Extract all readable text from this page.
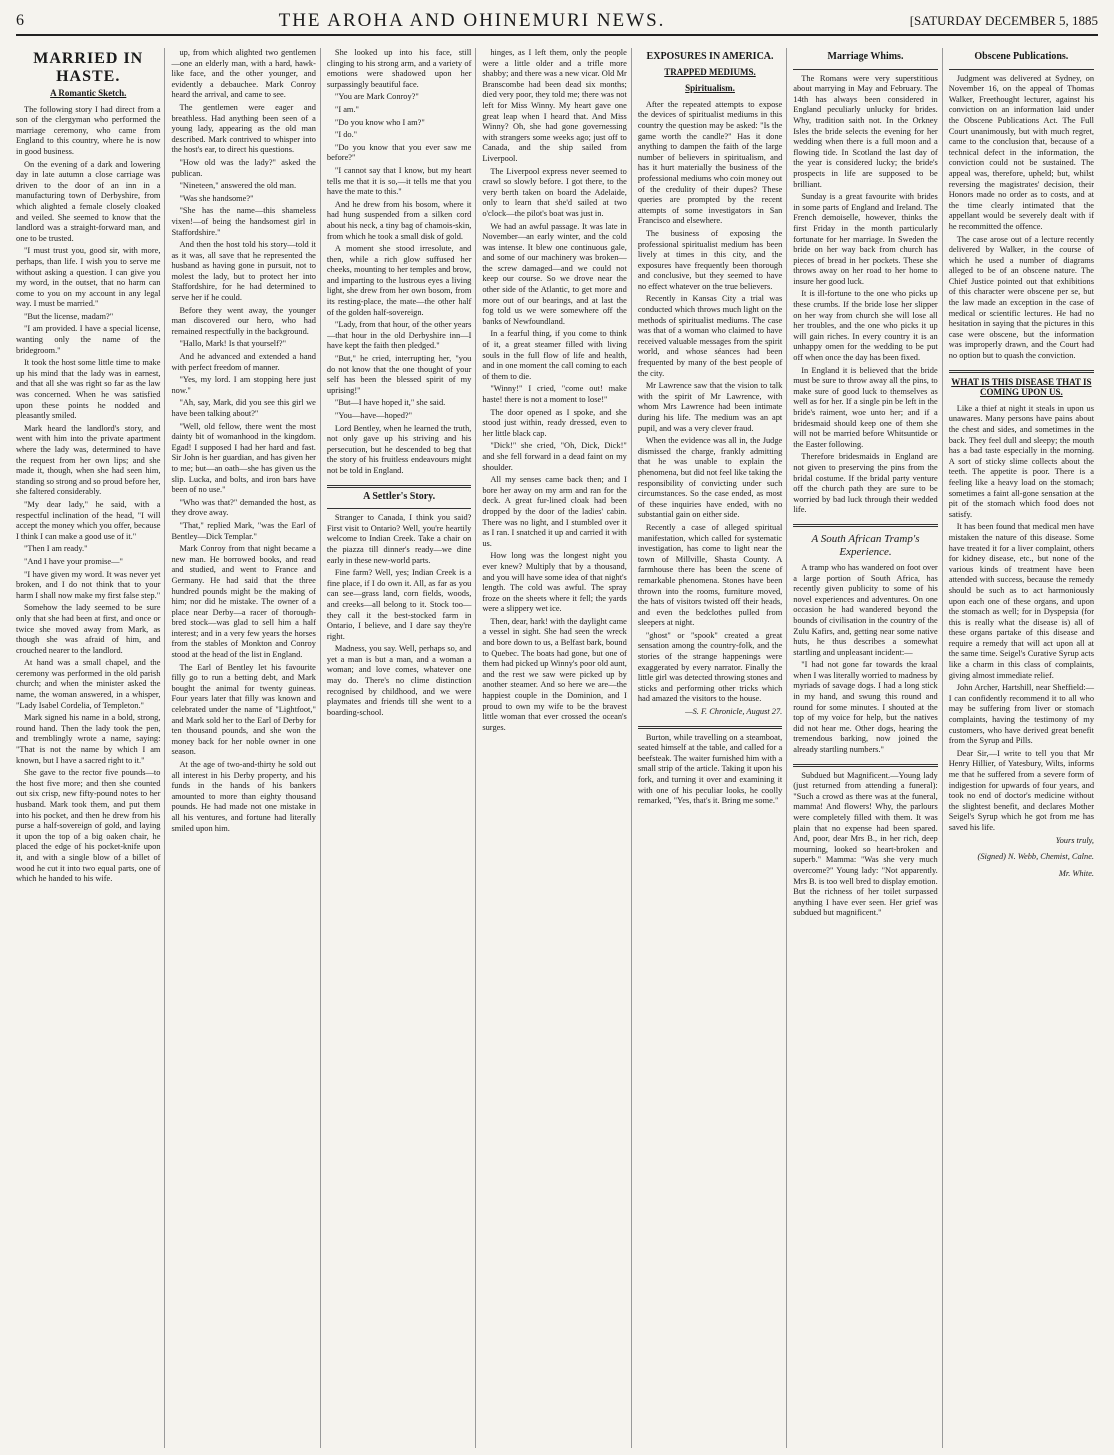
6	THE AROHA AND OHINEMURI NEWS.	[SATURDAY DECEMBER 5, 1885
MARRIED IN HASTE.
A Romantic Sketch.

The following story I had direct from a son of the clergyman who performed the marriage ceremony, who came from England to this country, where he is now in good business.

On the evening of a dark and lowering day in late autumn a close carriage was driven to the door of an inn in a manufacturing town of Derbyshire, from which alighted a female closely cloaked and veiled. She seemed to know that the landlord was a straight-forward man, and one to be trusted.

"I must trust you, good sir, with more, perhaps, than life. I wish you to serve me without asking a question. I can give you my word, in the outset, that no harm can come to you on my account in any legal way. I must be married."

"But the license, madam?"

"I am provided. I have a special license, wanting only the name of the bridegroom."

It took the host some little time to make up his mind that the lady was in earnest, and that all she was right so far as the law was concerned. When he was satisfied upon these points he nodded and pleasantly smiled.

Mark heard the landlord's story, and went with him into the private apartment where the lady was, determined to have the request from her own lips; and she made it, though, when she had seen him, standing so strong and so proud before her, she faltered considerably.

"My dear lady," he said, with a respectful inclination of the head, "I will accept the money which you offer, because I think I can make a good use of it."

"Then I am ready."

"And I have your promise—"

"I have given my word. It was never yet broken, and I do not think that to your harm I shall now make my first false step."

Somehow the lady seemed to be sure only that she had been at first, and once or twice she moved away from Mark, as though she was afraid of him, and crouched nearer to the landlord.

At hand was a small chapel, and the ceremony was performed in the old parish church; and when the minister asked the name, the woman answered, in a whisper, "Lady Isabel Cordelia, of Templeton."

Mark signed his name in a bold, strong, round hand. Then the lady took the pen, and tremblingly wrote a name, saying: "That is not the name by which I am known, but I have a sacred right to it."

She gave to the rector five pounds—to the host five more; and then she counted out six crisp, new fifty-pound notes to her husband. Mark took them, and put them into his pocket, and then he drew from his purse a half-sovereign of gold, and laying it upon the top of a big oaken chair, he placed the edge of his pocket-knife upon it, and with a single blow of a billet of wood he cut it into two equal parts, one of which he handed to his wife.

up, from which alighted two gentlemen—one an elderly man, with a hard, hawk-like face, and the other younger, and evidently a debauchee. Mark Conroy heard the arrival, and came to see.

The gentlemen were eager and breathless. Had anything been seen of a young lady, appearing as the old man described. Mark contrived to whisper into the host's ear, to direct his questions.

"How old was the lady?" asked the publican.

"Nineteen," answered the old man.

"Was she handsome?"

"She has the name—this shameless vixen!—of being the handsomest girl in Staffordshire."

And then the host told his story—told it as it was, all save that he represented the husband as having gone in pursuit, not to molest the lady, but to protect her into Staffordshire, for he had determined to serve her if he could.

Before they went away, the younger man discovered our hero, who had remained respectfully in the background.

"Hallo, Mark! Is that yourself?"

And he advanced and extended a hand with perfect freedom of manner.

"Yes, my lord. I am stopping here just now."

"Ah, say, Mark, did you see this girl we have been talking about?"

"Well, old fellow, there went the most dainty bit of womanhood in the kingdom. Egad! I supposed I had her hard and fast. Sir John is her guardian, and has given her to me; but—an oath—she has given us the slip. Lucka, and bolts, and iron bars have been of no use."

"Who was that?" demanded the host, as they drove away.

"That," replied Mark, "was the Earl of Bentley—Dick Templar."

Mark Conroy from that night became a new man. He borrowed books, and read and studied, and went to France and Germany. He had said that the three hundred pounds might be the making of him; nor did he mistake. The owner of a place near Derby—a racer of thorough-bred stock—was glad to sell him a half interest; and in a very few years the horses from the stables of Monkton and Conroy stood at the head of the list in England.

The Earl of Bentley let his favourite filly go to run a betting debt, and Mark bought the animal for twenty guineas. Four years later that filly was known and celebrated under the name of "Lightfoot," and Mark sold her to the Earl of Derby for ten thousand pounds, and she won the money back for her noble owner in one season.

At the age of two-and-thirty he sold out all interest in his Derby property, and his funds in the hands of his bankers amounted to more than eighty thousand pounds. He had made not one mistake in all his ventures, and fortune had literally smiled upon him.

She looked up into his face, still clinging to his strong arm, and a variety of emotions were shadowed upon her surpassingly beautiful face.

"You are Mark Conroy?"

"I am."

"Do you know who I am?"

"I do."

"Do you know that you ever saw me before?"

"I cannot say that I know, but my heart tells me that it is so,—it tells me that you have the mate to this."

And he drew from his bosom, where it had hung suspended from a silken cord about his neck, a tiny bag of chamois-skin, from which he took a small disk of gold.

A moment she stood irresolute, and then, while a rich glow suffused her cheeks, mounting to her temples and brow, and imparting to the lustrous eyes a living light, she drew from her own bosom, from its resting-place, the mate—the other half of the golden half-sovereign.

"Lady, from that hour, of the other years—that hour in the old Derbyshire inn—I have kept the faith then pledged."

"But," he cried, interrupting her, "you do not know that the one thought of your self has been the blessed spirit of my uprising!"

"But—I have hoped it," she said.

"You—have—hoped?"

Lord Bentley, when he learned the truth, not only gave up his striving and his persecution, but he descended to beg that the story of his fruitless endeavours might not be told in England.

A Settler's Story.

Stranger to Canada, I think you said? First visit to Ontario? Well, you're heartily welcome to Indian Creek. Take a chair on the piazza till dinner's ready—we dine early in these new-world parts.

Fine farm? Well, yes; Indian Creek is a fine place, if I do own it. All, as far as you can see—grass land, corn fields, woods, and creeks—all belong to it. Stock too—they call it the best-stocked farm in Ontario, I believe, and I dare say they're right.

Madness, you say. Well, perhaps so, and yet a man is but a man, and a woman a woman; and love comes, whatever one may do. There's no clime distinction recognised by childhood, and we were playmates and friends till she went to a boarding-school.

hinges, as I left them, only the people were a little older and a trifle more shabby; and there was a new vicar. Old Mr Branscombe had been dead six months; died very poor, they told me; there was not left for Miss Winny. My heart gave one great leap when I heard that. And Miss Winny? Oh, she had gone governessing with strangers some weeks ago; just off to Canada, and the ship sailed from Liverpool.

The Liverpool express never seemed to crawl so slowly before. I got there, to the very berth taken on board the Adelaide, only to learn that she'd sailed at two o'clock—the pilot's boat was just in.

We had an awful passage. It was late in November—an early winter, and the cold was intense. It blew one continuous gale, and some of our machinery was broken—the screw damaged—and we could not keep our course. So we drove near the other side of the Atlantic, to get more and more out of our bearings, and at last the fog told us we were somewhere off the banks of Newfoundland.

In a fearful thing, if you come to think of it, a great steamer filled with living souls in the full flow of life and health, and in one moment the call coming to each of them to die.

"Winny!" I cried, "come out! make haste! there is not a moment to lose!"

The door opened as I spoke, and she stood just within, ready dressed, even to her little black cap.

"Dick!" she cried, "Oh, Dick, Dick!" and she fell forward in a dead faint on my shoulder.

All my senses came back then; and I bore her away on my arm and ran for the deck. A great fur-lined cloak had been dropped by the door of the ladies' cabin. There was no light, and I stumbled over it as I ran. I snatched it up and carried it with us.

How long was the longest night you ever knew? Multiply that by a thousand, and you will have some idea of that night's length. The cold was awful. The spray froze on the sheets where it fell; the yards were a slippery wet ice.

Then, dear, hark! with the daylight came a vessel in sight. She had seen the wreck and bore down to us, a Belfast bark, bound to Quebec. The boats had gone, but one of them had picked up Winny's poor old aunt, and the rest we saw were picked up by another steamer. And so here we are—the happiest couple in the Dominion, and I proud to own my wife to be the bravest little woman that ever crossed the ocean's surges.

EXPOSURES IN AMERICA.
TRAPPED MEDIUMS.
Spiritualism.

After the repeated attempts to expose the devices of spiritualist mediums in this country the question may be asked: "Is the game worth the candle?" Has it done anything to dampen the faith of the large number of believers in spiritualism, and has it hurt materially the business of the professional mediums who coin money out of the credulity of their dupes? These queries are prompted by the recent attempts of some investigators in San Francisco and elsewhere.

The business of exposing the professional spiritualist medium has been lively at times in this city, and the exposures have frequently been thorough and conclusive, but they seemed to have no effect whatever on the true believers.

Recently in Kansas City a trial was conducted which throws much light on the methods of spiritualist mediums. The case was that of a woman who claimed to have received valuable messages from the spirit world, and whose séances had been frequented by many of the best people of the city.

Mr Lawrence saw that the vision to talk with the spirit of Mr Lawrence, with whom Mrs Lawrence had been intimate during his life. The medium was an apt pupil, and was a very clever fraud.

When the evidence was all in, the Judge dismissed the charge, frankly admitting that he was unable to explain the phenomena, but did not feel like taking the responsibility of convicting under such circumstances. So the case ended, as most of these inquiries have ended, with no substantial gain on either side.

Recently a case of alleged spiritual manifestation, which called for systematic investigation, has come to light near the town of Millville, Shasta County. A farmhouse there has been the scene of remarkable phenomena. Stones have been thrown into the rooms, furniture moved, the hats of visitors twisted off their heads, and even the bedclothes pulled from sleepers at night.

"ghost" or "spook" created a great sensation among the country-folk, and the stories of the strange happenings were exaggerated by every narrator. Finally the little girl was detected throwing stones and sticks and performing other tricks which had amazed the visitors to the house.

—S. F. Chronicle, August 27.

Burton, while travelling on a steamboat, seated himself at the table, and called for a beefsteak. The waiter furnished him with a small strip of the article. Taking it upon his fork, and turning it over and examining it with one of his peculiar looks, he coolly remarked, "Yes, that's it. Bring me some."

Marriage Whims.

The Romans were very superstitious about marrying in May and February. The 14th has always been considered in England peculiarly unlucky for brides. Why, tradition saith not. In the Orkney Isles the bride selects the evening for her wedding when there is a full moon and a flowing tide. In Scotland the last day of the year is considered lucky; the bride's prospects in life are supposed to be brilliant.

Sunday is a great favourite with brides in some parts of England and Ireland. The French demoiselle, however, thinks the first Friday in the month particularly fortunate for her marriage. In Sweden the bride on her way back from church has pieces of bread in her pockets. These she throws away on her road to her home to insure her good luck.

It is ill-fortune to the one who picks up these crumbs. If the bride lose her slipper on her way from church she will lose all her troubles, and the one who picks it up will gain riches. In every country it is an unhappy omen for the wedding to be put off when once the day has been fixed.

In England it is believed that the bride must be sure to throw away all the pins, to make sure of good luck to themselves as well as for her. If a single pin be left in the bride's raiment, woe unto her; and if a bridesmaid should keep one of them she will not be married before Whitsuntide or the Easter following.

Therefore bridesmaids in England are not given to preserving the pins from the bridal costume. If the bridal party venture off the church path they are sure to be worried by bad luck through their wedded life.

A South African Tramp's Experience.

A tramp who has wandered on foot over a large portion of South Africa, has recently given publicity to some of his novel experiences and adventures. On one occasion he had wandered beyond the bounds of civilisation in the country of the Zulu Kafirs, and, getting near some native huts, he thus describes a somewhat startling and unpleasant incident:—

"I had not gone far towards the kraal when I was literally worried to madness by myriads of savage dogs. I had a long stick in my hand, and swung this round and round for some minutes. I shouted at the top of my voice for help, but the natives did not hear me. Other dogs, hearing the tremendous barking, now joined the already startling numbers."

Subdued but Magnificent.—Young lady (just returned from attending a funeral): "Such a crowd as there was at the funeral, mamma! And flowers! Why, the parlours were completely filled with them. It was plain that no expense had been spared. And, poor, dear Mrs B., in her rich, deep mourning, looked so heart-broken and superb." Mamma: "Was she very much overcome?" Young lady: "Not apparently. Mrs B. is too well bred to display emotion. But the richness of her toilet surpassed anything I have ever seen. Her grief was subdued but magnificent."

Obscene Publications.

Judgment was delivered at Sydney, on November 16, on the appeal of Thomas Walker, Freethought lecturer, against his conviction on an information laid under the Obscene Publications Act. The Full Court unanimously, but with much regret, came to the conclusion that, because of a technical defect in the information, the conviction could not be sustained. The appeal was, therefore, upheld; but, whilst reversing the magistrates' decision, their Honors made no order as to costs, and at the time clearly intimated that the appellant would be severely dealt with if he recommitted the offence.

The case arose out of a lecture recently delivered by Walker, in the course of which he used a number of diagrams alleged to be of an obscene nature. The Chief Justice pointed out that exhibitions of this character were obscene per se, but the law made an exception in the case of medical or scientific lectures. He had no hesitation in saying that the pictures in this case were obscene, but the information was improperly drawn, and the Court had no option but to quash the conviction.

WHAT IS THIS DISEASE THAT IS COMING UPON US.

Like a thief at night it steals in upon us unawares. Many persons have pains about the chest and sides, and sometimes in the back. They feel dull and sleepy; the mouth has a bad taste especially in the morning. A sort of sticky slime collects about the teeth. The appetite is poor. There is a feeling like a heavy load on the stomach; sometimes a faint all-gone sensation at the pit of the stomach which food does not satisfy.

It has been found that medical men have mistaken the nature of this disease. Some have treated it for a liver complaint, others for kidney disease, etc., but none of the various kinds of treatment have been attended with success, because the remedy should be such as to act harmoniously upon each one of these organs, and upon the stomach as well; for in Dyspepsia (for this is really what the disease is) all of these organs partake of this disease and require a remedy that will act upon all at the same time. Seigel's Curative Syrup acts like a charm in this class of complaints, giving almost immediate relief.

John Archer, Hartshill, near Sheffield:—I can confidently recommend it to all who may be suffering from liver or stomach complaints, having the testimony of my customers, who have derived great benefit from the Syrup and Pills.

Dear Sir,—I write to tell you that Mr Henry Hillier, of Yatesbury, Wilts, informs me that he suffered from a severe form of indigestion for upwards of four years, and took no end of doctor's medicine without the slightest benefit, and declares Mother Seigel's Syrup which he got from me has saved his life.

Yours truly,
(Signed) N. Webb, Chemist, Calne.
Mr. White.
